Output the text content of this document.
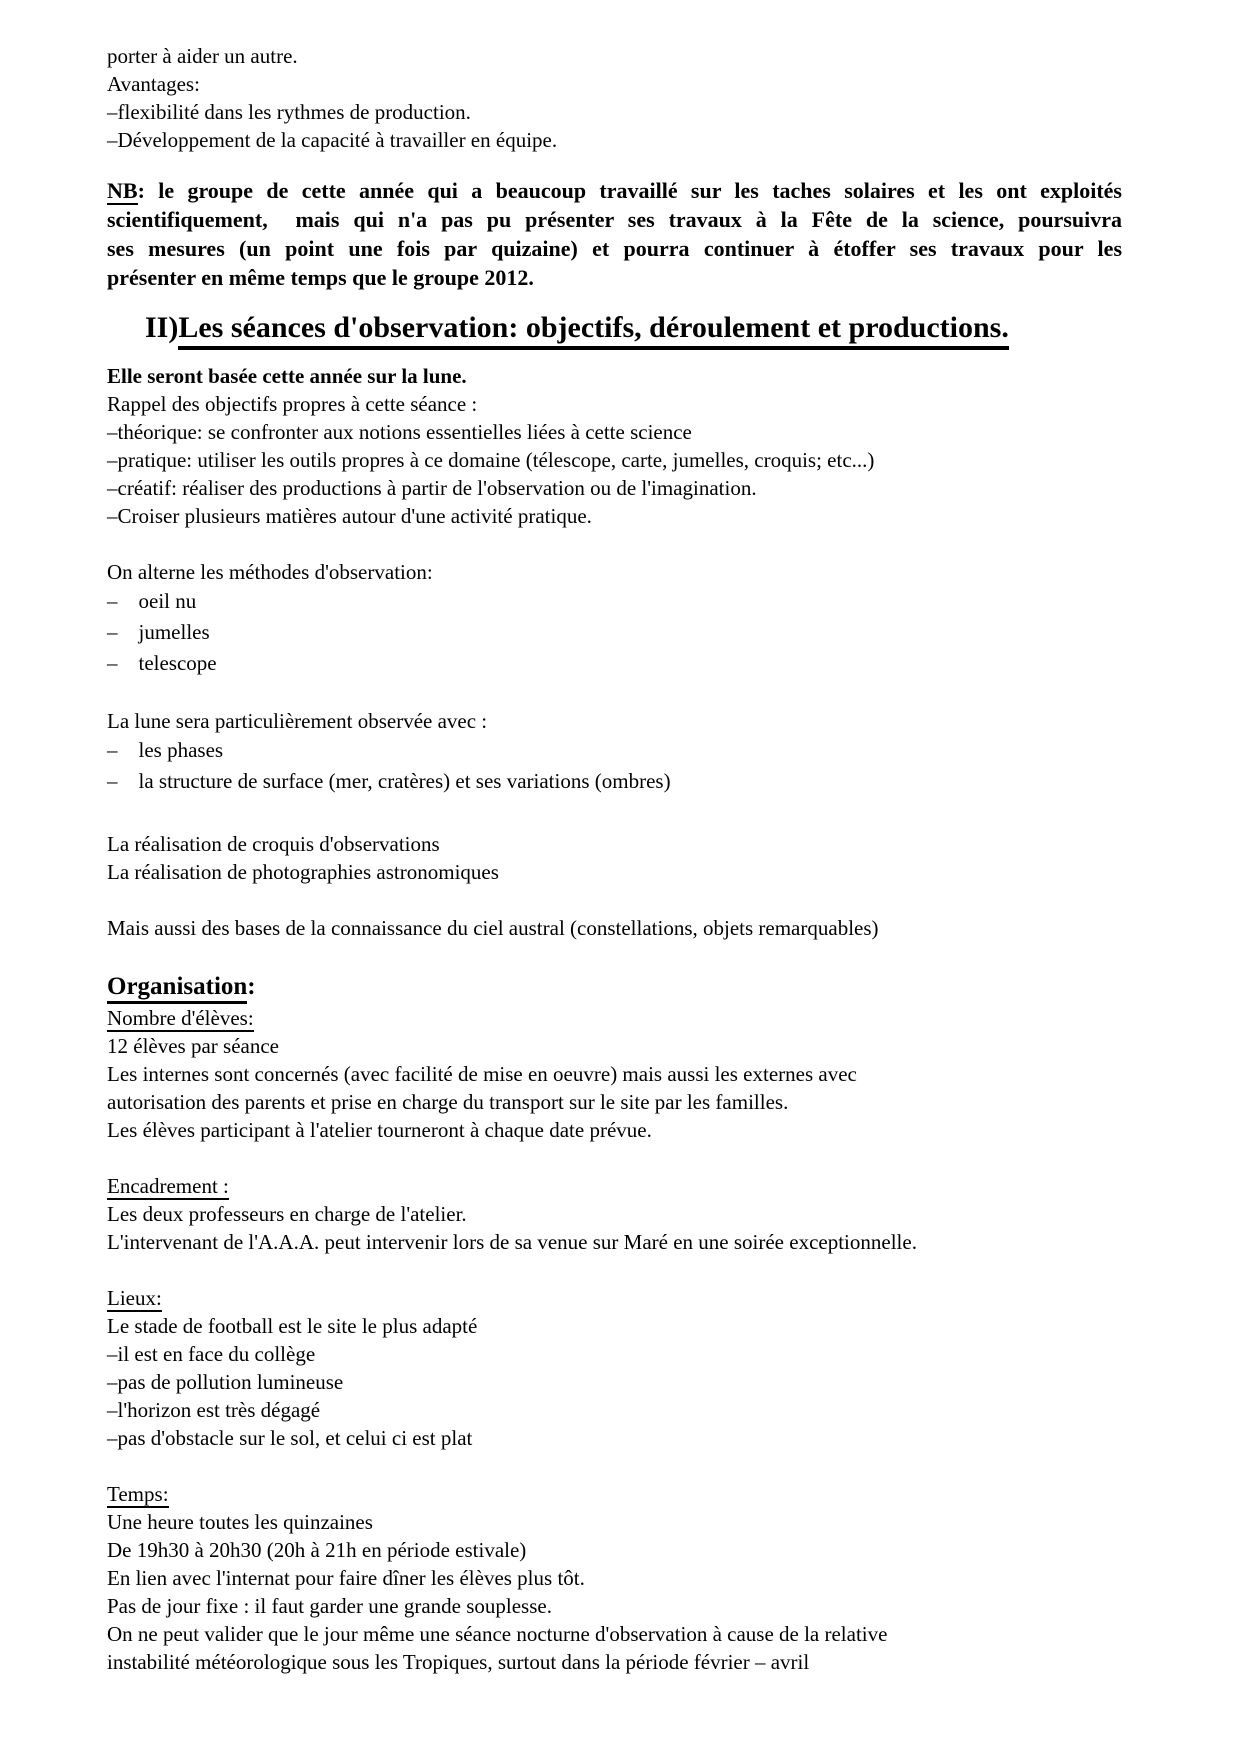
porter à aider un autre.
Avantages:
–flexibilité dans les rythmes de production.
–Développement de la capacité à travailler en équipe.
NB: le groupe de cette année qui a beaucoup travaillé sur les taches solaires et les ont exploités
scientifiquement,  mais qui n'a pas pu présenter ses travaux à la Fête de la science, poursuivra
ses mesures (un point une fois par quizaine) et pourra continuer à étoffer ses travaux pour les
présenter en même temps que le groupe 2012.
II)Les séances d'observation: objectifs, déroulement et productions.
Elle seront basée cette année sur la lune.
Rappel des objectifs propres à cette séance :
–théorique: se confronter aux notions essentielles liées à cette science
–pratique: utiliser les outils propres à ce domaine (télescope, carte, jumelles, croquis; etc...)
–créatif: réaliser des productions à partir de l'observation ou de l'imagination.
–Croiser plusieurs matières autour d'une activité pratique.
On alterne les méthodes d'observation:
–    oeil nu
–    jumelles
–    telescope
La lune sera particulièrement observée avec :
–    les phases
–    la structure de surface (mer, cratères) et ses variations (ombres)
La réalisation de croquis d'observations
La réalisation de photographies astronomiques
Mais aussi des bases de la connaissance du ciel austral (constellations, objets remarquables)
Organisation:
Nombre d'élèves:
12 élèves par séance
Les internes sont concernés (avec facilité de mise en oeuvre) mais aussi les externes avec
autorisation des parents et prise en charge du transport sur le site par les familles.
Les élèves participant à l'atelier tourneront à chaque date prévue.
Encadrement :
Les deux professeurs en charge de l'atelier.
L'intervenant de l'A.A.A. peut intervenir lors de sa venue sur Maré en une soirée exceptionnelle.
Lieux:
Le stade de football est le site le plus adapté
–il est en face du collège
–pas de pollution lumineuse
–l'horizon est très dégagé
–pas d'obstacle sur le sol, et celui ci est plat
Temps:
Une heure toutes les quinzaines
De 19h30 à 20h30 (20h à 21h en période estivale)
En lien avec l'internat pour faire dîner les élèves plus tôt.
Pas de jour fixe : il faut garder une grande souplesse.
On ne peut valider que le jour même une séance nocturne d'observation à cause de la relative
instabilité météorologique sous les Tropiques, surtout dans la période février – avril
